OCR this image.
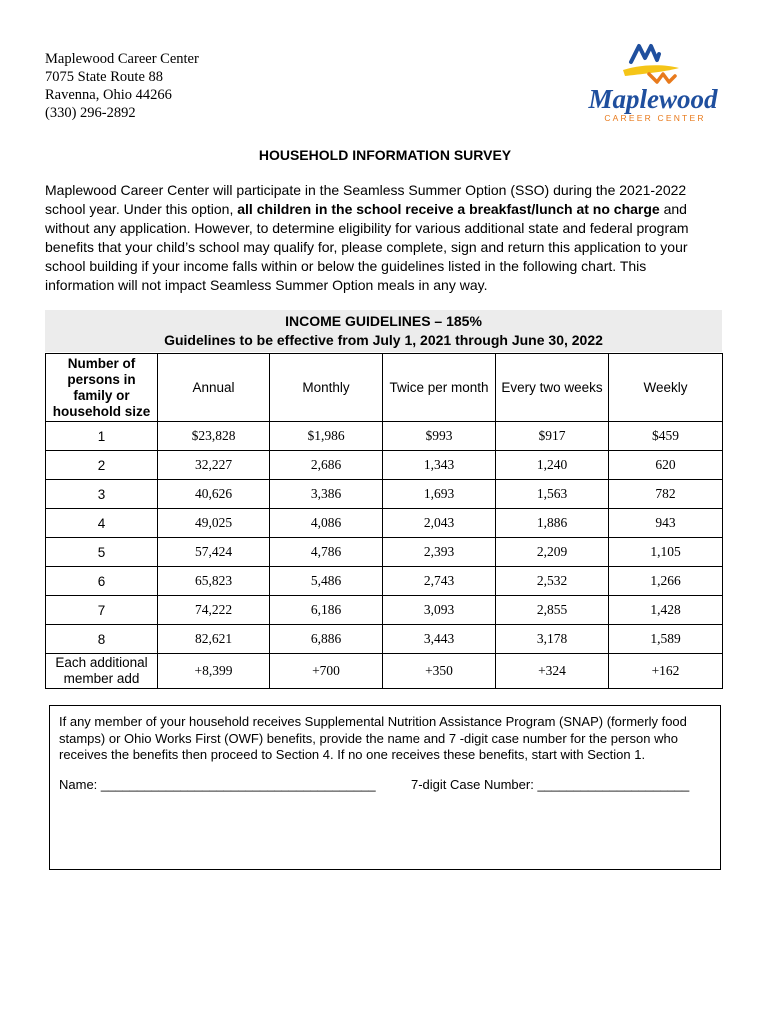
Maplewood Career Center
7075 State Route 88
Ravenna, Ohio 44266
(330) 296-2892	Maplewood
CAREER CENTER
HOUSEHOLD INFORMATION SURVEY
Maplewood Career Center will participate in the Seamless Summer Option (SSO) during the 2021-2022 school year. Under this option, all children in the school receive a breakfast/lunch at no charge and without any application. However, to determine eligibility for various additional state and federal program benefits that your child’s school may qualify for, please complete, sign and return this application to your school building if your income falls within or below the guidelines listed in the following chart. This information will not impact Seamless Summer Option meals in any way.
INCOME GUIDELINES – 185%
Guidelines to be effective from July 1, 2021 through June 30, 2022
Number of persons in family or household size	Annual	Monthly	Twice per month	Every two weeks	Weekly
1	$23,828	$1,986	$993	$917	$459
2	32,227	2,686	1,343	1,240	620
3	40,626	3,386	1,693	1,563	782
4	49,025	4,086	2,043	1,886	943
5	57,424	4,786	2,393	2,209	1,105
6	65,823	5,486	2,743	2,532	1,266
7	74,222	6,186	3,093	2,855	1,428
8	82,621	6,886	3,443	3,178	1,589
Each additional member add	+8,399	+700	+350	+324	+162
If any member of your household receives Supplemental Nutrition Assistance Program (SNAP) (formerly food stamps) or Ohio Works First (OWF) benefits, provide the name and 7 -digit case number for the person who receives the benefits then proceed to Section 4. If no one receives these benefits, start with Section 1.
Name: ______________________________________	7-digit Case Number: _____________________
